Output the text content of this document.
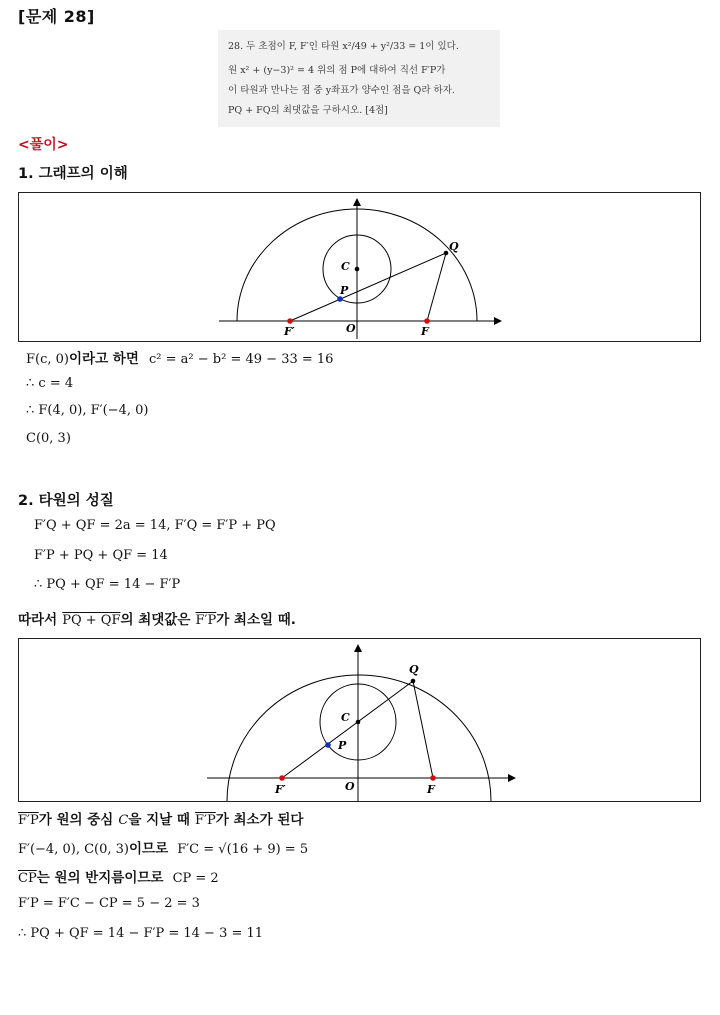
[문제 28]
28. 두 초점이 F, F′인 타원 x²/49 + y²/33 = 1이 있다.
원 x² + (y−3)² = 4 위의 점 P에 대하여 직선 F′P가
이 타원과 만나는 점 중 y좌표가 양수인 점을 Q라 하자.
PQ + FQ의 최댓값을 구하시오. [4점]
<풀이>
1. 그래프의 이해
Q
C
P
F′	O	F
F(c, 0)이라고 하면 c² = a² − b² = 49 − 33 = 16
∴ c = 4
∴ F(4, 0), F′(−4, 0)
C(0, 3)
2. 타원의 성질
F′Q + QF = 2a = 14, F′Q = F′P + PQ
F′P + PQ + QF = 14
∴ PQ + QF = 14 − F′P
따라서 PQ + QF의 최댓값은 F′P가 최소일 때.
Q
C
P
F′	O	F
F′P가 원의 중심 C을 지날 때 F′P가 최소가 된다
F′(−4, 0), C(0, 3)이므로 F′C = √(16 + 9) = 5
$\overline{CP}$는 원의 반지름이므로 CP = 2
F′P = F′C − CP = 5 − 2 = 3
∴ PQ + QF = 14 − F′P = 14 − 3 = 11
